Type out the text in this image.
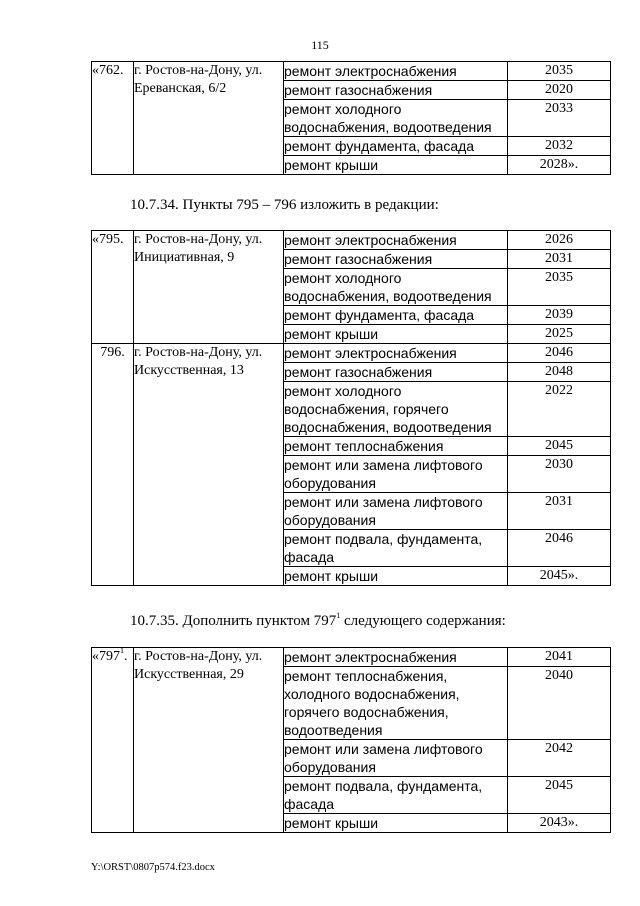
115
«762.	г. Ростов-на-Дону, ул. Ереванская, 6/2	ремонт электроснабжения	2035
		ремонт газоснабжения	2020
		ремонт холодного водоснабжения, водоотведения	2033
		ремонт фундамента, фасада	2032
		ремонт крыши	2028».
10.7.34. Пункты 795 – 796 изложить в редакции:
«795.	г. Ростов-на-Дону, ул. Инициативная, 9	ремонт электроснабжения	2026
		ремонт газоснабжения	2031
		ремонт холодного водоснабжения, водоотведения	2035
		ремонт фундамента, фасада	2039
		ремонт крыши	2025
796.	г. Ростов-на-Дону, ул. Искусственная, 13	ремонт электроснабжения	2046
		ремонт газоснабжения	2048
		ремонт холодного водоснабжения, горячего водоснабжения, водоотведения	2022
		ремонт теплоснабжения	2045
		ремонт или замена лифтового оборудования	2030
		ремонт или замена лифтового оборудования	2031
		ремонт подвала, фундамента, фасада	2046
		ремонт крыши	2045».
10.7.35. Дополнить пунктом $797^1$ следующего содержания:
«$797^1$.	г. Ростов-на-Дону, ул. Искусственная, 29	ремонт электроснабжения	2041
		ремонт теплоснабжения, холодного водоснабжения, горячего водоснабжения, водоотведения	2040
		ремонт или замена лифтового оборудования	2042
		ремонт подвала, фундамента, фасада	2045
		ремонт крыши	2043».
Y:\ORST\0807p574.f23.docx
